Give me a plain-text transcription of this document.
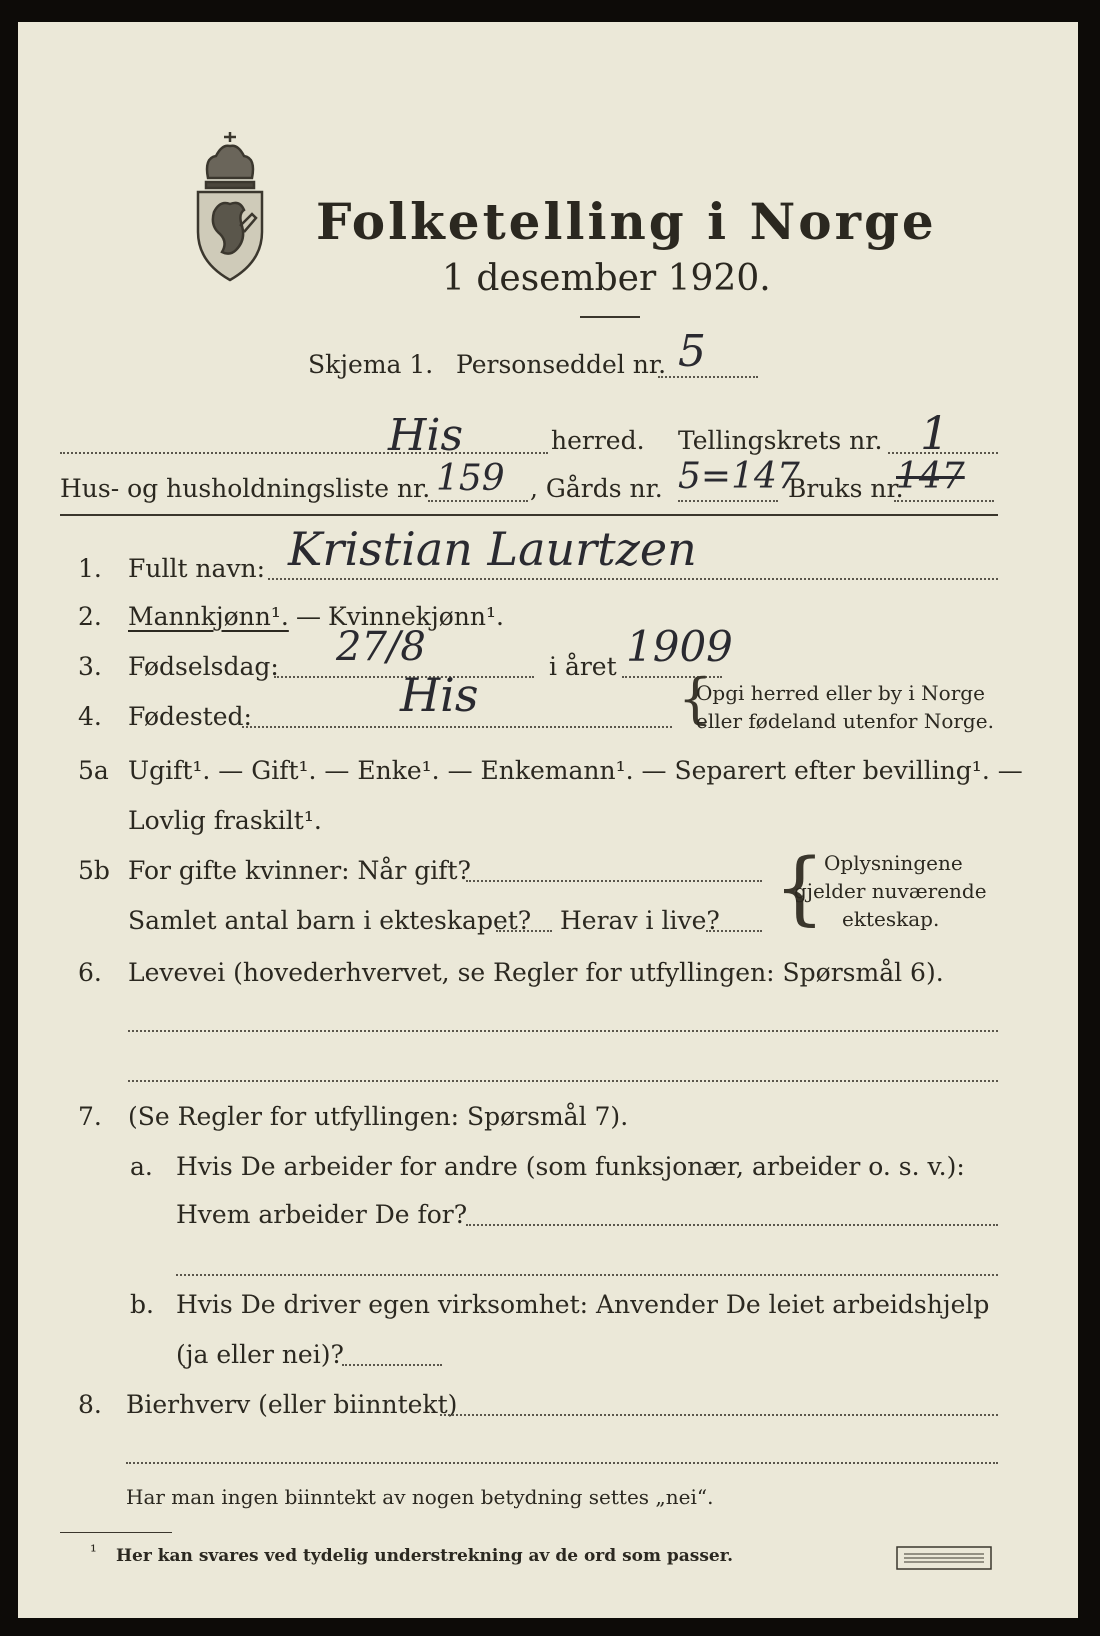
Folketelling i Norge
1 desember 1920.
Skjema 1. Personseddel nr. 5
His	herred. Tellingskrets nr. 1
Hus- og husholdningsliste nr. 159 , Gårds nr. 5=147
Bruks nr.
147
1. Fullt navn: Kristian Laurtzen
2. Mannkjønn¹. — Kvinnekjønn¹.
3. Fødselsdag: 27/8	i året 1909
4. Fødested:	His	{
Opgi herred eller by i Norge
eller fødeland utenfor Norge.
5a Ugift¹. — Gift¹. — Enke¹. — Enkemann¹. — Separert efter bevilling¹. —
Lovlig fraskilt¹.
5b For gifte kvinner: Når gift?
Samlet antal barn i ekteskapet? Herav i live? { Oplysningene
gjelder nuværende
ekteskap.
6. Levevei (hovederhvervet, se Regler for utfyllingen: Spørsmål 6).
7. (Se Regler for utfyllingen: Spørsmål 7).
a. Hvis De arbeider for andre (som funksjonær, arbeider o. s. v.):
Hvem arbeider De for?
b. Hvis De driver egen virksomhet: Anvender De leiet arbeidshjelp
(ja eller nei)?
8. Bierhverv (eller biinntekt)
Har man ingen biinntekt av nogen betydning settes „nei“.
¹ Her kan svares ved tydelig understrekning av de ord som passer.
